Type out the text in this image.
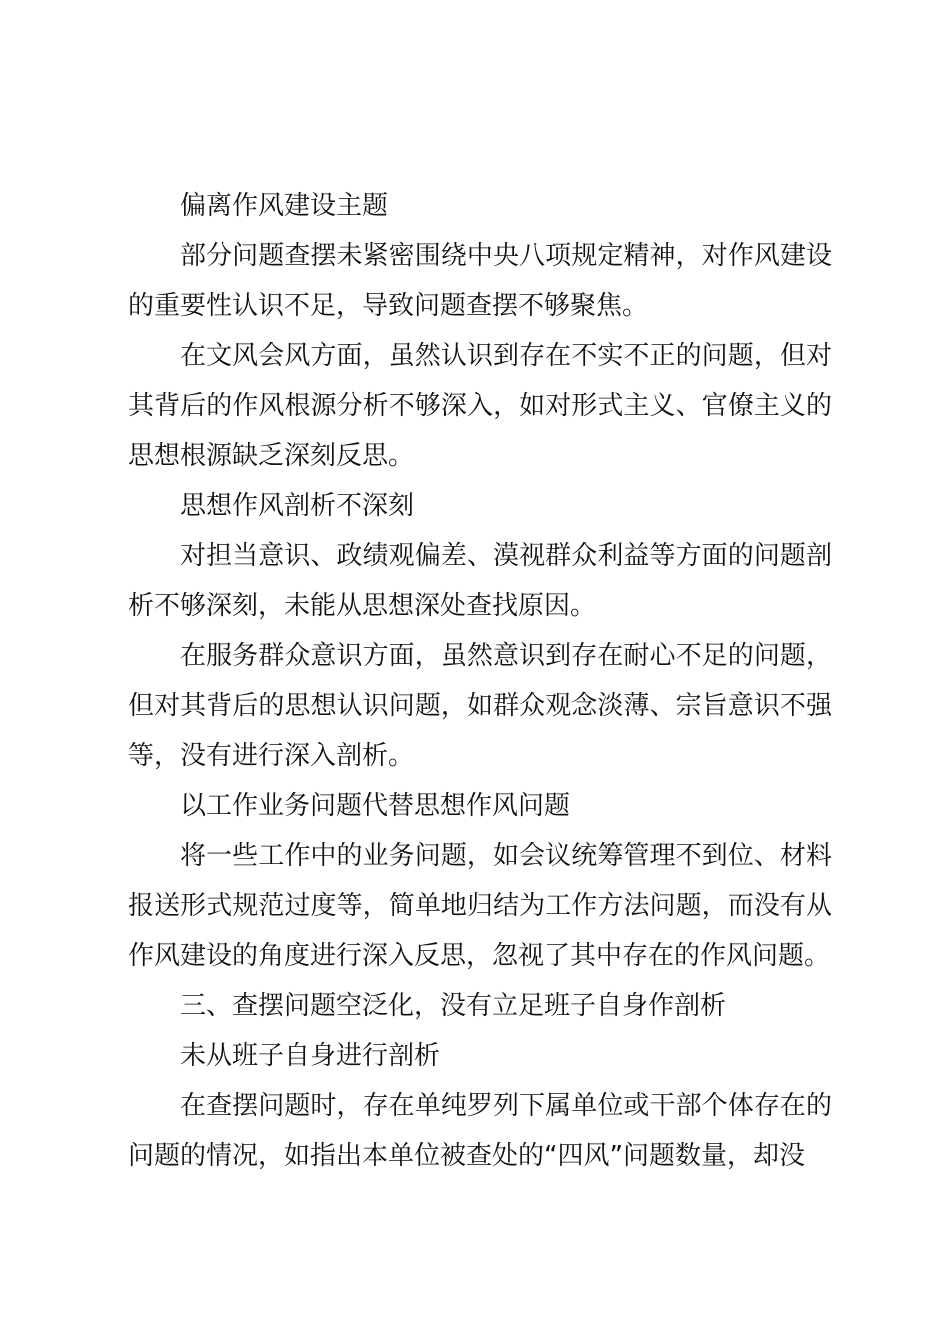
偏离作风建设主题

部分问题查摆未紧密围绕中央八项规定精神，对作风建设的重要性认识不足，导致问题查摆不够聚焦。

在文风会风方面，虽然认识到存在不实不正的问题，但对其背后的作风根源分析不够深入，如对形式主义、官僚主义的思想根源缺乏深刻反思。

思想作风剖析不深刻

对担当意识、政绩观偏差、漠视群众利益等方面的问题剖析不够深刻，未能从思想深处查找原因。

在服务群众意识方面，虽然意识到存在耐心不足的问题，但对其背后的思想认识问题，如群众观念淡薄、宗旨意识不强等，没有进行深入剖析。

以工作业务问题代替思想作风问题

将一些工作中的业务问题，如会议统筹管理不到位、材料报送形式规范过度等，简单地归结为工作方法问题，而没有从作风建设的角度进行深入反思，忽视了其中存在的作风问题。

三、查摆问题空泛化，没有立足班子自身作剖析

未从班子自身进行剖析

在查摆问题时，存在单纯罗列下属单位或干部个体存在的问题的情况，如指出本单位被查处的“四风”问题数量，却没
